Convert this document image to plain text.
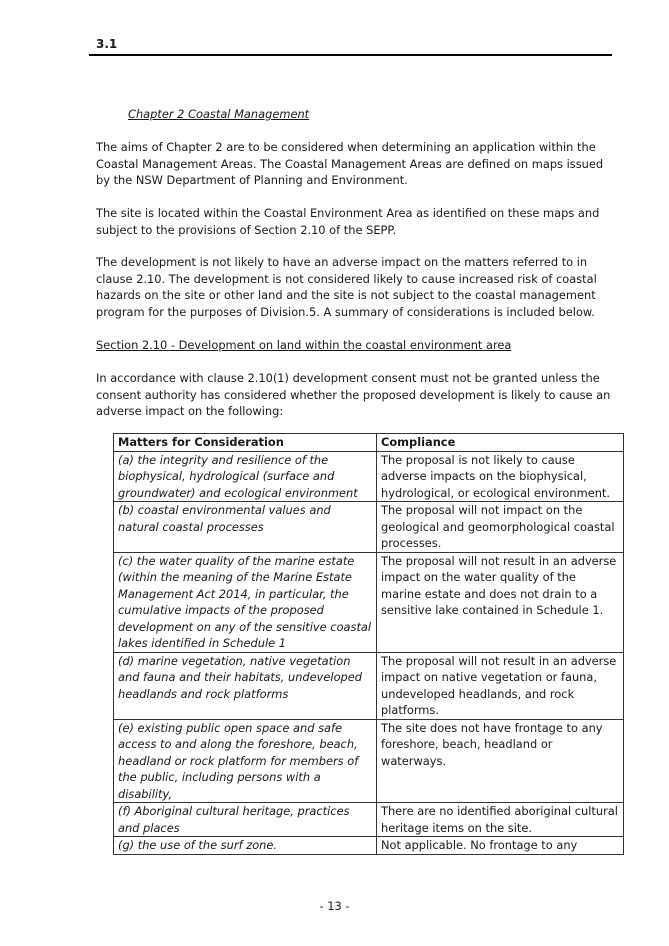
3.1
Chapter 2 Coastal Management
The aims of Chapter 2 are to be considered when determining an application within the Coastal Management Areas. The Coastal Management Areas are defined on maps issued by the NSW Department of Planning and Environment.
The site is located within the Coastal Environment Area as identified on these maps and subject to the provisions of Section 2.10 of the SEPP.
The development is not likely to have an adverse impact on the matters referred to in clause 2.10. The development is not considered likely to cause increased risk of coastal hazards on the site or other land and the site is not subject to the coastal management program for the purposes of Division.5. A summary of considerations is included below.
Section 2.10 - Development on land within the coastal environment area
In accordance with clause 2.10(1) development consent must not be granted unless the consent authority has considered whether the proposed development is likely to cause an adverse impact on the following:
Matters for Consideration	Compliance
(a) the integrity and resilience of the biophysical, hydrological (surface and groundwater) and ecological environment	The proposal is not likely to cause adverse impacts on the biophysical, hydrological, or ecological environment.
(b) coastal environmental values and natural coastal processes	The proposal will not impact on the geological and geomorphological coastal processes.
(c) the water quality of the marine estate (within the meaning of the Marine Estate Management Act 2014, in particular, the cumulative impacts of the proposed development on any of the sensitive coastal lakes identified in Schedule 1	The proposal will not result in an adverse impact on the water quality of the marine estate and does not drain to a sensitive lake contained in Schedule 1.
(d) marine vegetation, native vegetation and fauna and their habitats, undeveloped headlands and rock platforms	The proposal will not result in an adverse impact on native vegetation or fauna, undeveloped headlands, and rock platforms.
(e) existing public open space and safe access to and along the foreshore, beach, headland or rock platform for members of the public, including persons with a disability,	The site does not have frontage to any foreshore, beach, headland or waterways.
(f) Aboriginal cultural heritage, practices and places	There are no identified aboriginal cultural heritage items on the site.
(g) the use of the surf zone.	Not applicable. No frontage to any
- 13 -
